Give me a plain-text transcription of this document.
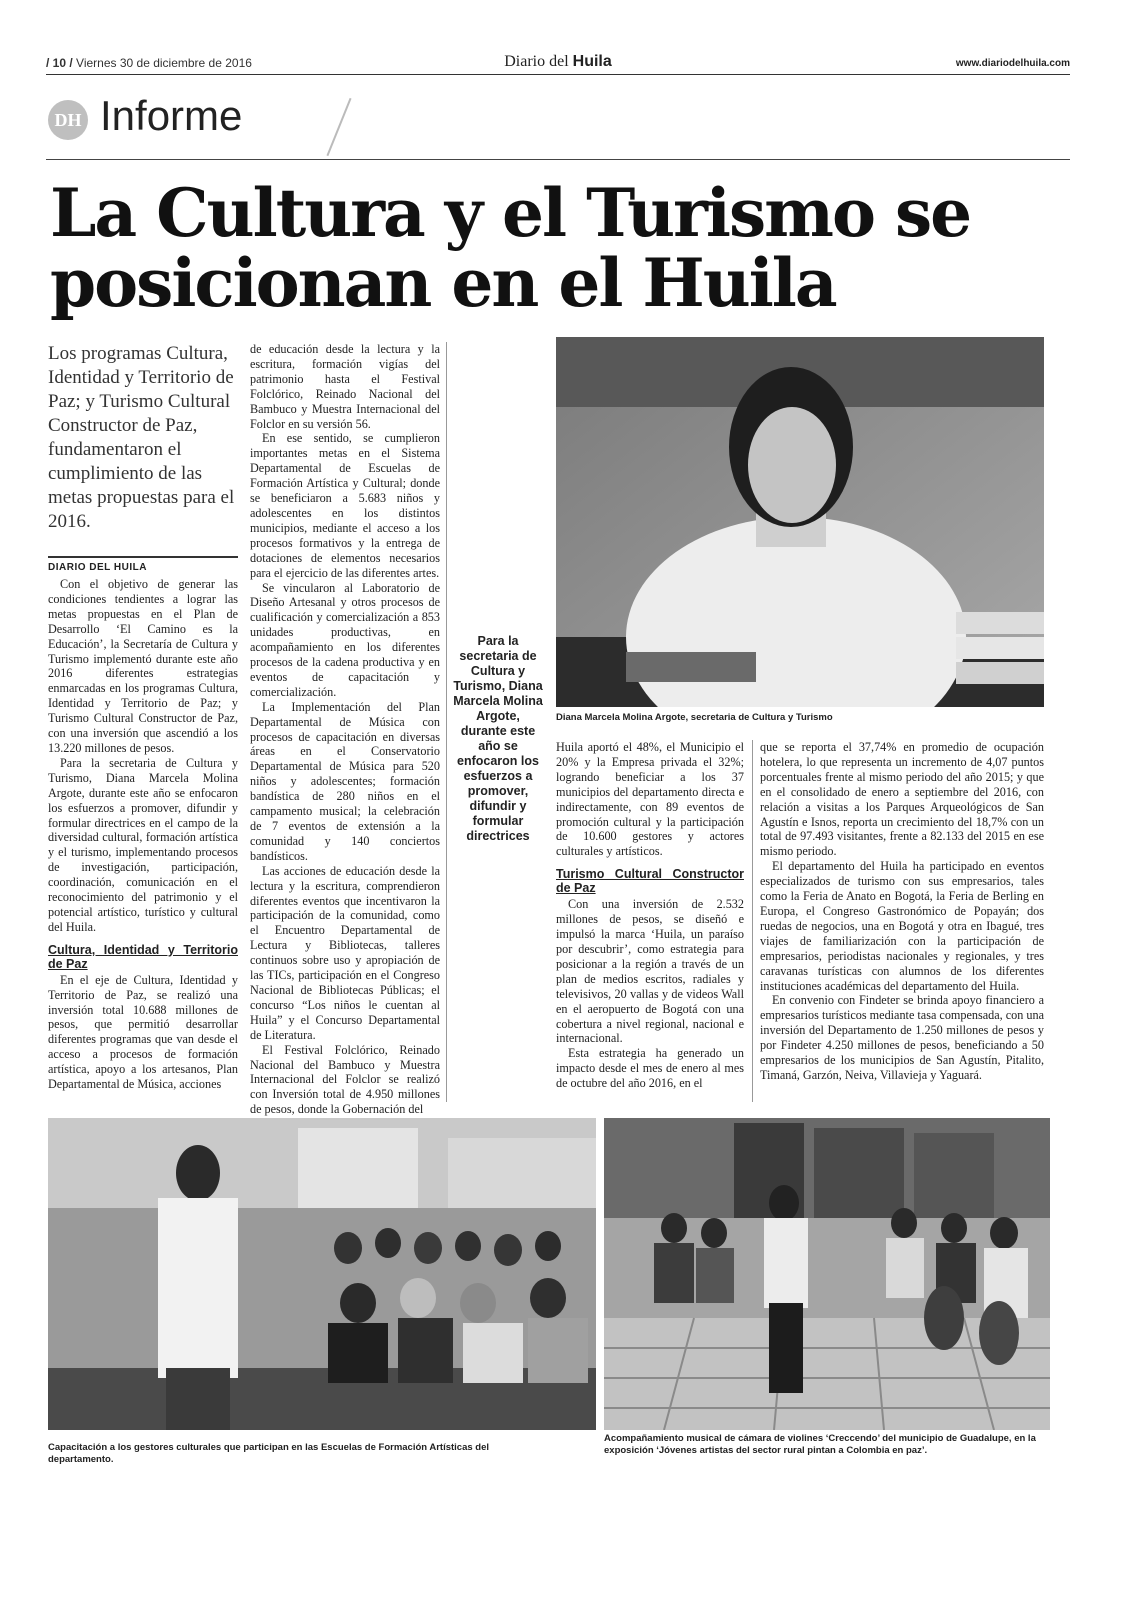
/ 10 / Viernes 30 de diciembre de 2016	Diario del Huila	www.diariodelhuila.com
DH Informe
La Cultura y el Turismo se posicionan en el Huila
Los programas Cultura, Identidad y Territorio de Paz; y Turismo Cultural Constructor de Paz, fundamentaron el cumplimiento de las metas propuestas para el 2016.
DIARIO DEL HUILA

Con el objetivo de generar las condiciones tendientes a lograr las metas propuestas en el Plan de Desarrollo ‘El Camino es la Educación’, la Secretaría de Cultura y Turismo implementó durante este año 2016 diferentes estrategias enmarcadas en los programas Cultura, Identidad y Territorio de Paz; y Turismo Cultural Constructor de Paz, con una inversión que ascendió a los 13.220 millones de pesos.

Para la secretaria de Cultura y Turismo, Diana Marcela Molina Argote, durante este año se enfocaron los esfuerzos a promover, difundir y formular directrices en el campo de la diversidad cultural, formación artística y el turismo, implementando procesos de investigación, participación, coordinación, comunicación en el reconocimiento del patrimonio y el potencial artístico, turístico y cultural del Huila.

Cultura, Identidad y Territorio de Paz

En el eje de Cultura, Identidad y Territorio de Paz, se realizó una inversión total 10.688 millones de pesos, que permitió desarrollar diferentes programas que van desde el acceso a procesos de formación artística, apoyo a los artesanos, Plan Departamental de Música, acciones

de educación desde la lectura y la escritura, formación vigías del patrimonio hasta el Festival Folclórico, Reinado Nacional del Bambuco y Muestra Internacional del Folclor en su versión 56.

En ese sentido, se cumplieron importantes metas en el Sistema Departamental de Escuelas de Formación Artística y Cultural; donde se beneficiaron a 5.683 niños y adolescentes en los distintos municipios, mediante el acceso a los procesos formativos y la entrega de dotaciones de elementos necesarios para el ejercicio de las diferentes artes.

Se vincularon al Laboratorio de Diseño Artesanal y otros procesos de cualificación y comercialización a 853 unidades productivas, en acompañamiento en los diferentes procesos de la cadena productiva y en eventos de capacitación y comercialización.

La Implementación del Plan Departamental de Música con procesos de capacitación en diversas áreas en el Conservatorio Departamental de Música para 520 niños y adolescentes; formación bandística de 280 niños en el campamento musical; la celebración de 7 eventos de extensión a la comunidad y 140 conciertos bandísticos.

Las acciones de educación desde la lectura y la escritura, comprendieron diferentes eventos que incentivaron la participación de la comunidad, como el Encuentro Departamental de Lectura y Bibliotecas, talleres continuos sobre uso y apropiación de las TICs, participación en el Congreso Nacional de Bibliotecas Públicas; el concurso “Los niños le cuentan al Huila” y el Concurso Departamental de Literatura.

El Festival Folclórico, Reinado Nacional del Bambuco y Muestra Internacional del Folclor se realizó con Inversión total de 4.950 millones de pesos, donde la Gobernación del

Para la secretaria de Cultura y Turismo, Diana Marcela Molina Argote, durante este año se enfocaron los esfuerzos a promover, difundir y formular directrices
Diana Marcela Molina Argote, secretaria de Cultura y Turismo

Huila aportó el 48%, el Municipio el 20% y la Empresa privada el 32%; logrando beneficiar a los 37 municipios del departamento directa e indirectamente, con 89 eventos de promoción cultural y la participación de 10.600 gestores y actores culturales y artísticos.

Turismo Cultural Constructor de Paz

Con una inversión de 2.532 millones de pesos, se diseñó e impulsó la marca ‘Huila, un paraíso por descubrir’, como estrategia para posicionar a la región a través de un plan de medios escritos, radiales y televisivos, 20 vallas y de videos Wall en el aeropuerto de Bogotá con una cobertura a nivel regional, nacional e internacional.

Esta estrategia ha generado un impacto desde el mes de enero al mes de octubre del año 2016, en el

que se reporta el 37,74% en promedio de ocupación hotelera, lo que representa un incremento de 4,07 puntos porcentuales frente al mismo periodo del año 2015; y que en el consolidado de enero a septiembre del 2016, con relación a visitas a los Parques Arqueológicos de San Agustín e Isnos, reporta un crecimiento del 18,7% con un total de 97.493 visitantes, frente a 82.133 del 2015 en ese mismo periodo.

El departamento del Huila ha participado en eventos especializados de turismo con sus empresarios, tales como la Feria de Anato en Bogotá, la Feria de Berling en Europa, el Congreso Gastronómico de Popayán; dos ruedas de negocios, una en Bogotá y otra en Ibagué, tres viajes de familiarización con la participación de empresarios, periodistas nacionales y regionales, y tres caravanas turísticas con alumnos de los diferentes instituciones académicas del departamento del Huila.

En convenio con Findeter se brinda apoyo financiero a empresarios turísticos mediante tasa compensada, con una inversión del Departamento de 1.250 millones de pesos y por Findeter 4.250 millones de pesos, beneficiando a 50 empresarios de los municipios de San Agustín, Pitalito, Timaná, Garzón, Neiva, Villavieja y Yaguará.

Capacitación a los gestores culturales que participan en las Escuelas de Formación Artísticas del departamento.
Acompañamiento musical de cámara de violines ‘Creccendo’ del municipio de Guadalupe, en la exposición ‘Jóvenes artistas del sector rural pintan a Colombia en paz’.
